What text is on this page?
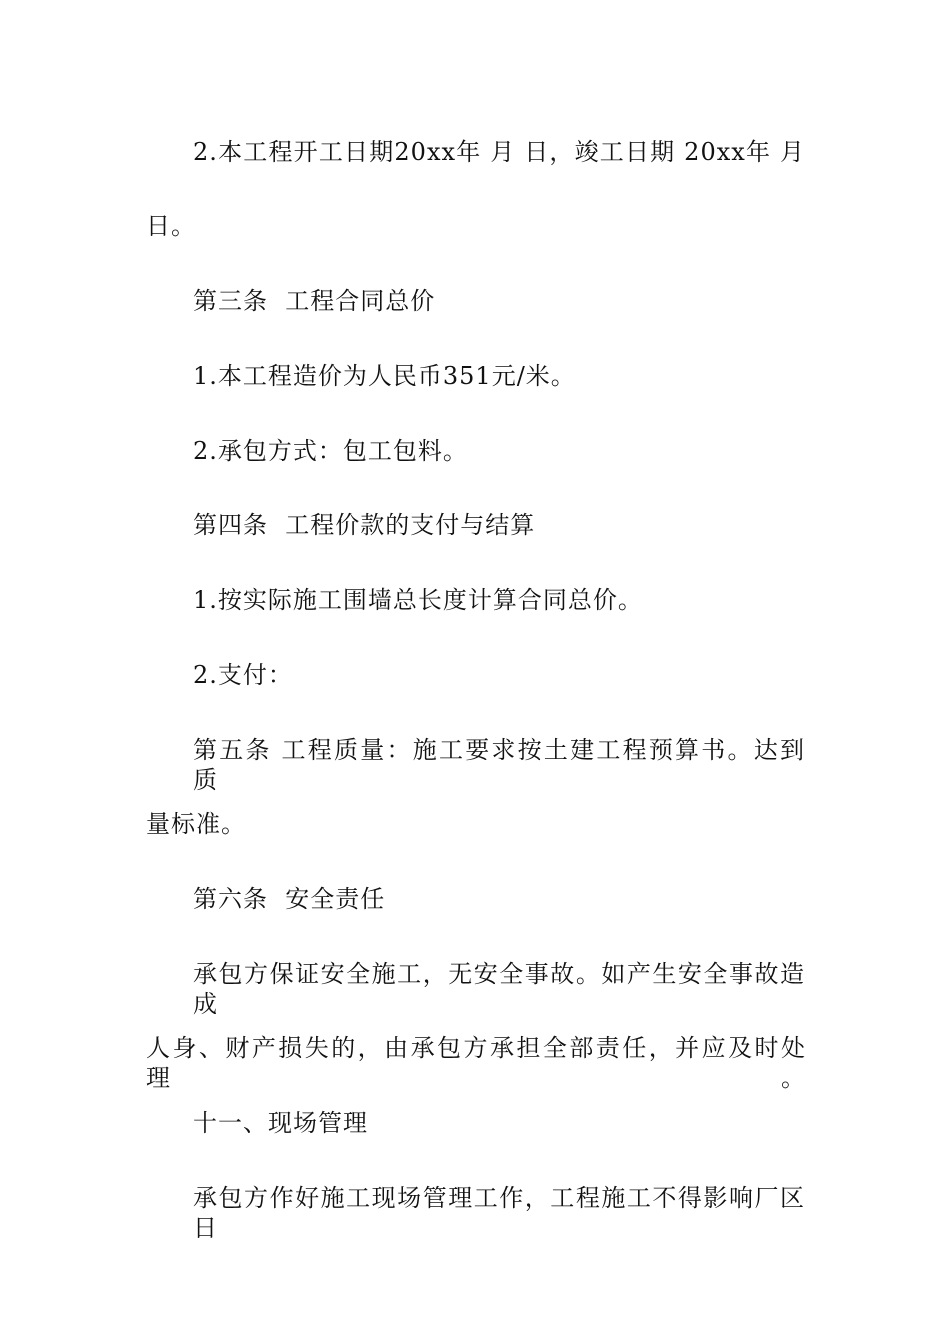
2.本工程开工日期20xx年 月 日，竣工日期 20xx年 月
日。
第三条  工程合同总价
1.本工程造价为人民币351元/米。
2.承包方式：包工包料。
第四条  工程价款的支付与结算
1.按实际施工围墙总长度计算合同总价。
2.支付：
第五条 工程质量：施工要求按土建工程预算书。达到 质
量标准。
第六条  安全责任
承包方保证安全施工，无安全事故。如产生安全事故造成
人身、财产损失的，由承包方承担全部责任，并应及时处理。
十一、现场管理
承包方作好施工现场管理工作，工程施工不得影响厂区日
